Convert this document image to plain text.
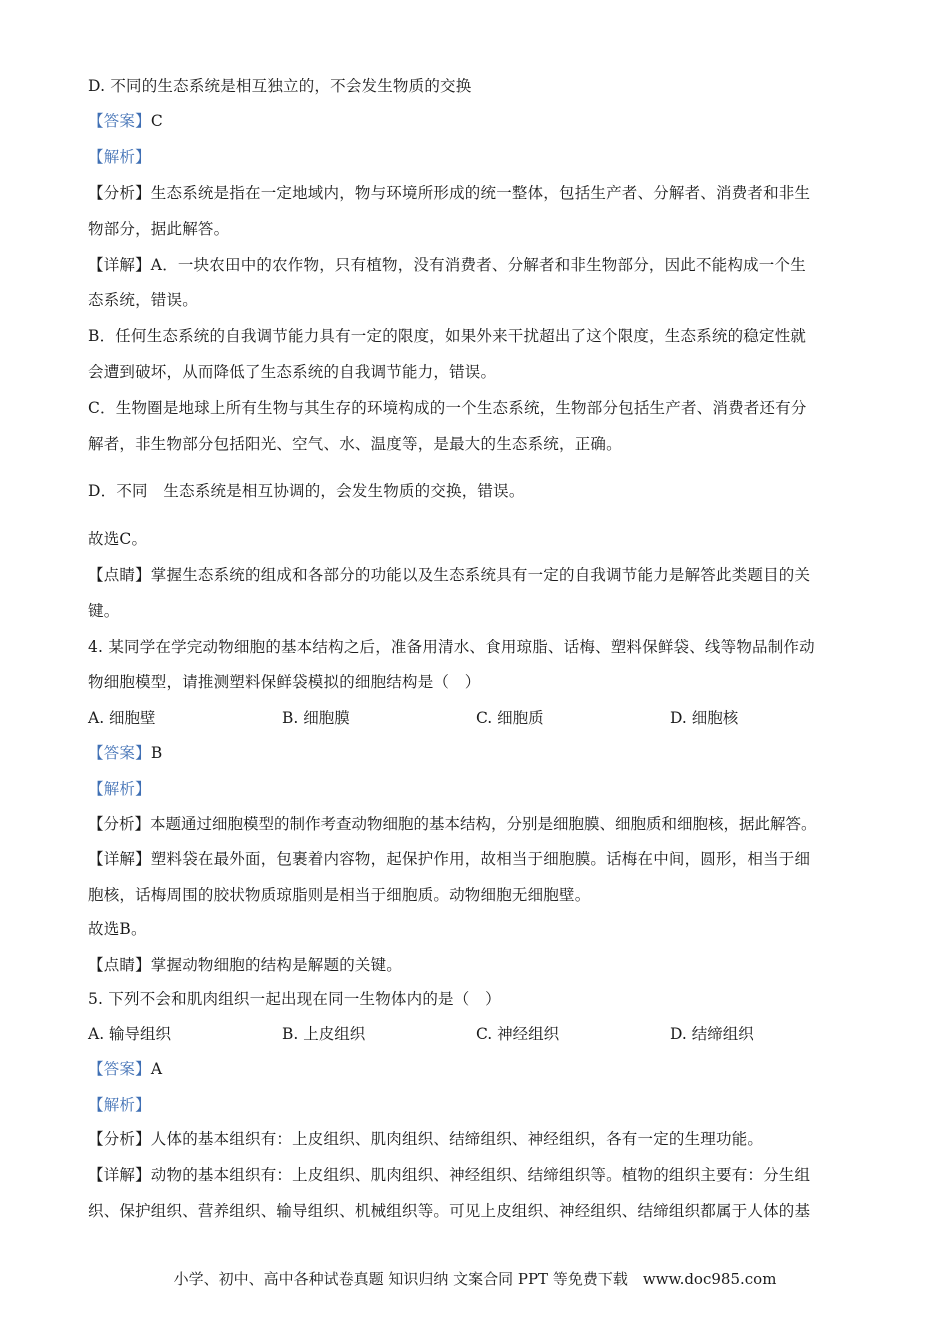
D. 不同的生态系统是相互独立的，不会发生物质的交换
【答案】C
【解析】
【分析】生态系统是指在一定地域内，物与环境所形成的统一整体，包括生产者、分解者、消费者和非生
物部分，据此解答。
【详解】A．一块农田中的农作物，只有植物，没有消费者、分解者和非生物部分，因此不能构成一个生
态系统，错误。
B．任何生态系统的自我调节能力具有一定的限度，如果外来干扰超出了这个限度，生态系统的稳定性就
会遭到破坏，从而降低了生态系统的自我调节能力，错误。
C．生物圈是地球上所有生物与其生存的环境构成的一个生态系统，生物部分包括生产者、消费者还有分
解者，非生物部分包括阳光、空气、水、温度等，是最大的生态系统，正确。
D．不同　生态系统是相互协调的，会发生物质的交换，错误。
故选C。
【点睛】掌握生态系统的组成和各部分的功能以及生态系统具有一定的自我调节能力是解答此类题目的关
键。
4. 某同学在学完动物细胞的基本结构之后，准备用清水、食用琼脂、话梅、塑料保鲜袋、线等物品制作动
物细胞模型，请推测塑料保鲜袋模拟的细胞结构是（　）
A. 细胞壁	B. 细胞膜	C. 细胞质	D. 细胞核
【答案】B
【解析】
【分析】本题通过细胞模型的制作考查动物细胞的基本结构，分别是细胞膜、细胞质和细胞核，据此解答。
【详解】塑料袋在最外面，包裹着内容物，起保护作用，故相当于细胞膜。话梅在中间，圆形，相当于细
胞核，话梅周围的胶状物质琼脂则是相当于细胞质。动物细胞无细胞壁。
故选B。
【点睛】掌握动物细胞的结构是解题的关键。
5. 下列不会和肌肉组织一起出现在同一生物体内的是（　）
A. 输导组织	B. 上皮组织	C. 神经组织	D. 结缔组织
【答案】A
【解析】
【分析】人体的基本组织有：上皮组织、肌肉组织、结缔组织、神经组织，各有一定的生理功能。
【详解】动物的基本组织有：上皮组织、肌肉组织、神经组织、结缔组织等。植物的组织主要有：分生组
织、保护组织、营养组织、输导组织、机械组织等。可见上皮组织、神经组织、结缔组织都属于人体的基
小学、初中、高中各种试卷真题 知识归纳 文案合同 PPT 等免费下载　www.doc985.com
